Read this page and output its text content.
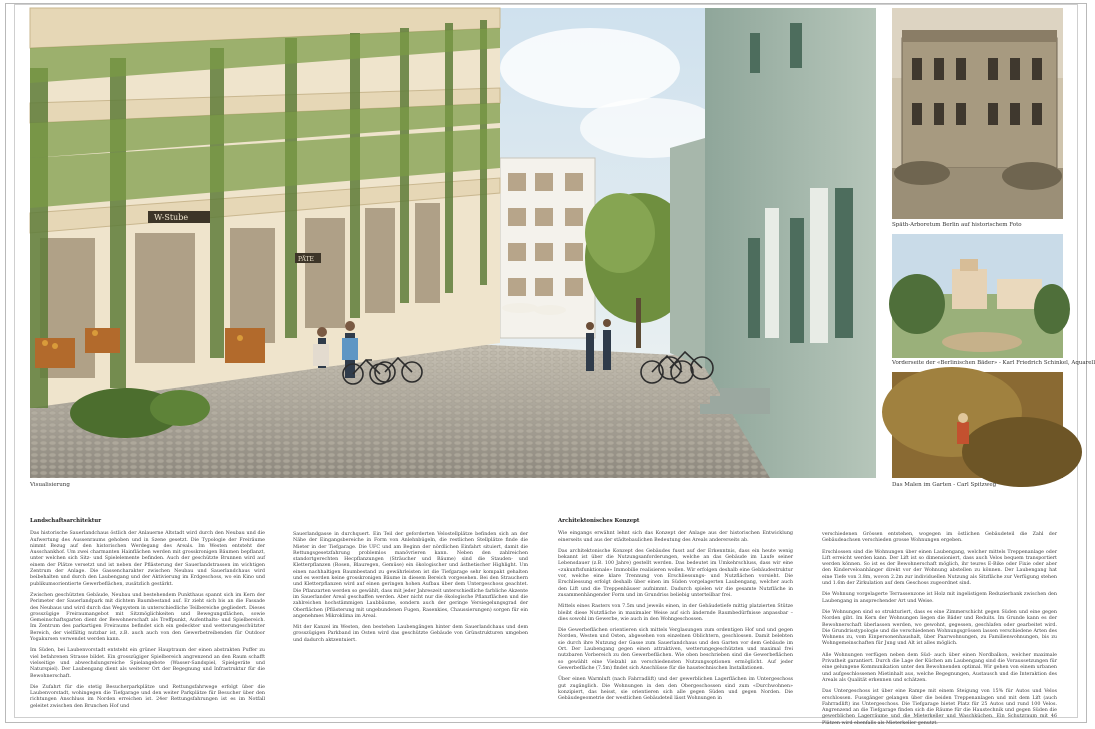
W-Stube
PÄTE
Visualisierung
Späth-Arboretum Berlin auf historischem Foto
Vorderseite der «Berlinischen Bäder» - Karl Friedrich Schinkel, Aquarell
Das Malen im Garten - Carl Spitzweg
Landschaftsarchitektur

Das historische Sauerlandchaus östlich der Anlauerne Altstadt wird durch den Neubau und die Aufwertung des Aussenraums gehoben und in Szene gesetzt. Die Typologie der Freiräume nimmt Bezug auf den historischen Werdegang des Areals. Im Westen entsteht der Ausschankhof. Um zwei charmanten Hainflächen werden mit grosskronigen Bäumen bepflanzt, unter welchen sich Sitz- und Spielelemente befinden. Auch der geschützte Brunnen wird auf einem der Plätze versetzt und ist neben der Pflästerung der Sauerlandstrassen im wichtigen Zentrum der Anlage. Die Gassencharakter zwischen Neubau und Sauerlandchaus wird beibehalten und durch den Laubengang und der Aktivierung im Erdgeschoss, wo ein Kino und publikumsorientierte Gewerbeflächen, zusätzlich gestärkt.

Zwischen geschützten Gebäude, Neubau und bestehendem Punkthaus spannt sich im Kern der Perimeter der Sauerlandpark mit dichtem Baumbestand auf. Er zieht sich bis an die Fassade des Neubaus und wird durch das Wegsystem in unterschiedliche Teilbereiche gegliedert. Dieses grosszügige Freiraumangebot mit Sitzmöglichkeiten und Bewegungsflächen, sowie Gemeinschaftsgarten dient der Bewohnerschaft als Treffpunkt, Aufenthalts- und Spielbereich. Im Zentrum des parkartigen Freiraums befindet sich ein gedeckter und wetterungeschützter Bereich, der vielfältig nutzbar ist, z.B. auch auch von den Gewerbetreibenden für Outdoor Yogakursen verwendet werden kann.

Im Süden, bei Laubenvorstadt entsteht ein grüner Hauptraum der einen abstrakten Puffer zu viel befahrenen Strasse bildet. Ein grosszügiger Spielbereich angrenzend an den Raum schafft vielseitige und abwechslungsreiche Spielangebote (Wasser-Sandspiel, Spielgeräte und Naturspiel). Der Laubengang dient als weiterer Ort der Begegnung und Infrastruktur für die Bewohnerschaft.

Die Zufahrt für die stetig Besucherparkplätze und Rettungsfahrwege erfolgt über die Laubenvorstadt, wohingegen die Tiefgarage und den weiter Parkplätze für Besucher über den richtungen Anschluss im Norden erreichen ist. 24er Rettungsfahrungen ist es im Notfall geleitet zwischen den Brunchen Hof und

Sauerlandgasse in durchquert. Ein Teil der geforderten Velostellplätze befinden sich an der Nähe der Eingangsbereiche in Form von Anlehnbügeln, die restlichen Stellplätze finde die Mieter in der Tiefgarage. Die UFC und am Beginn der nördlichen Einfahrt situiert, damit die Rettungsgesetzfahrung problemlos manövrieren kann. Neben den zahlreichen standortgerechten Hecpflanzungen (Sträucher und Bäume) sind die Stauden- und Kletterpflanzen (Rosen, Blauregen, Gemüse) ein ökologischer und ästhetischer Highlight. Um einen nachhaltigen Baumbestand zu gewährleisten ist die Tiefgarage sehr kompakt gehalten und es werden keine grosskronigen Bäume in diesem Bereich vorgesehen. Bei den Strauchern und Kletterpflanzen wird auf einen geringen hohen Aufbau über dem Untergeschoss geachtet. Die Pflanzarten werden so gewählt, dass mit jeder Jahreszeit unterschiedliche farbliche Akzente im Sauerlander Areal geschaffen werden. Aber nicht nur die ökologische Pflanzflächen und die zahlreichen hochstämmigen Laubbäume, sondern auch der geringe Versiegelungsgrad der Oberflächen (Pflästerung mit ungebundenen Fugen, Rasenkies, Chaussierungen) sorgen für ein angenehmes Mikroklima im Areal.

Mit der Kanzel im Westen, den bestehen Laubengängen hinter dem Sauerlandchaus und dem grosszügigen Parkband im Osten wird das geschützte Gebäude von Grünstrukturen umgeben und dadurch aktzentuiert.

Architektonisches Konzept

Wie eingangs erwähnt lehnt sich das Konzept der Anlage aus der historischen Entwicklung einerseits und aus der städtebaulichen Bedeutung des Areals andererseits ab.

Das architektonische Konzept des Gebäudes fusst auf der Erkenntnis, dass ein heute wenig bekannt ist über die Nutzungsanforderungen, welche an das Gebäude im Laufe seiner Lebensdauer (z.B. 100 Jahre) gestellt werden. Das bedeutet im Umkehrschluss, dass wir eine «zukunftsfunktionale» Immobilie realisieren wollen. Wir erfolgen deshalb eine Gebäudestruktur vor, welche eine klare Trennung von Erschliessungs- und Nutzflächen vorsieht. Die Erschliessung erfolgt deshalb über einen im Süden vorgelagerten Laubengang, welcher auch den Lift und die Treppenhäuser aufnimmt. Dadurch spielen wir die gesamte Nutzfläche in zusammenhängender Form und im Grundriss beliebig unterteilbar frei.

Mittels eines Rasters von 7.5m und jeweils einen, in der Gebäudetiefe mittig platzierten Stütze bleibt diese Nutzfläche in maximaler Weise auf sich ändernde Raumbedürfnisse anpassbar – dies sowohl im Gewerbe, wie auch in den Wohngeschossen.

Die Gewerbeflächen orientieren sich mittels Verglasungen zum ordentigen Hof und und gegen Norden, Westen und Osten, abgesehen von einzelnen Oblichtern, geschlossen. Damit belebten sie durch ihre Nutzung der Gasse zum Sauerlandchaus und den Garten vor dem Gebäude im Ort. Der Laubengang gegen einen attraktiven, wetterungegeschützten und maximal frei nutzbaren Vorbereich zu den Gewerbeflächen. Wie oben beschrieben sind die Gewerbeflächen so gewählt eine Vielzahl an verschiedensten Nutzungsoptionen ermöglicht. Auf jeder Gewerbefläche (7.5m) findet sich Anschlüsse für die haustechnischen Installationen.

Über einen Warmluft (nach Fahrradlift) und der gewerblichen Lagerflächen im Untergeschoss gut zugänglich. Die Wohnungen in den den Obergeschossen sind zum «Durchwohnen» konzipiert, das heisst, sie orientieren sich alle gegen Süden und gegen Norden. Die Gebäudegeometrie der westlichen Gebäudeteil lässt Wohnungen in

verschiedenen Grössen entstehen, wogegen im östlichen Gebäudeteil die Zahl der Gebäudeachsen verschieden grosse Wohnungen ergeben.

Erschlossen sind die Wohnungen über einen Laubengang, welcher mittels Treppenanlage oder Lift erreicht werden kann. Der Lift ist so dimensioniert, dass auch Velos bequem transportiert werden können. So ist es der Bewohnerschaft möglich, ihr teures E-Bike oder Fixie oder aber den Kinderveloanhänger direkt vor der Wohnung abstellen zu können. Der Laubengang hat eine Tiefe von 3.8m, wovon 2.2m zur individuellen Nutzung als Sitzfläche zur Verfügung stehen und 1.6m der Zirkulation auf dem Geschoss zugeordnet sind.

Die Wohnung vorgelagerte Terrassenzone ist Holz mit ingelistigem Reduzierbank zwischen den Laubengang in ansprechender Art und Weise.

Die Wohnungen sind so strukturiert, dass es eine Zimmerschicht gegen Süden und eine gegen Norden gibt. Im Kern der Wohnungen liegen die Bäder und Reduits. Im Grunde kann es der Bewohnerschaft überlassen werden, wo gewohnt, gegessen, geschlafen oder gearbeitet wird. Die Grundrisstypologie und die verschiedenen Wohnungsgrössen lassen verschiedene Arten des Wohnens zu, vom Einpersonenhaushalt, über Paarwohnungen, zu Familienwohnungen, bis zu Wohngemeinschaften für Jung und Alt ist alles möglich.

Alle Wohnungen verfügen neben dem Süd- auch über einen Nordbalkon, welcher maximale Privatheit garantiert. Durch die Lage der Küchen am Laubengang sind die Voraussetzungen für eine gelungene Kommunikation unter den Bewohnenden optimal. Wir gehen von einem urbanen und aufgeschlossenen Mietinhalt aus, welche Begegnungen, Austausch und die Interaktion des Areals als Qualität erkennen und schätzen.

Das Untergeschoss ist über eine Rampe mit einem Steigung von 15% für Autos und Velos erschlossen. Fussgänger gelangen über die beiden Treppenanlagen und mit dem Lift (auch Fahrradlift) ins Untergeschoss. Die Tiefgarage bietet Platz für 25 Autos und rund 100 Velos. Angrenzend an die Tiefgarage finden sich die Räume für die Haustechnik und gegen Süden die gewerblichen Lagerräume und die Mieterkeller und Waschküchen. Ein Schutzraum mit 46 Plätzen wird ebenfalls als Mieterkeller genutzt.
